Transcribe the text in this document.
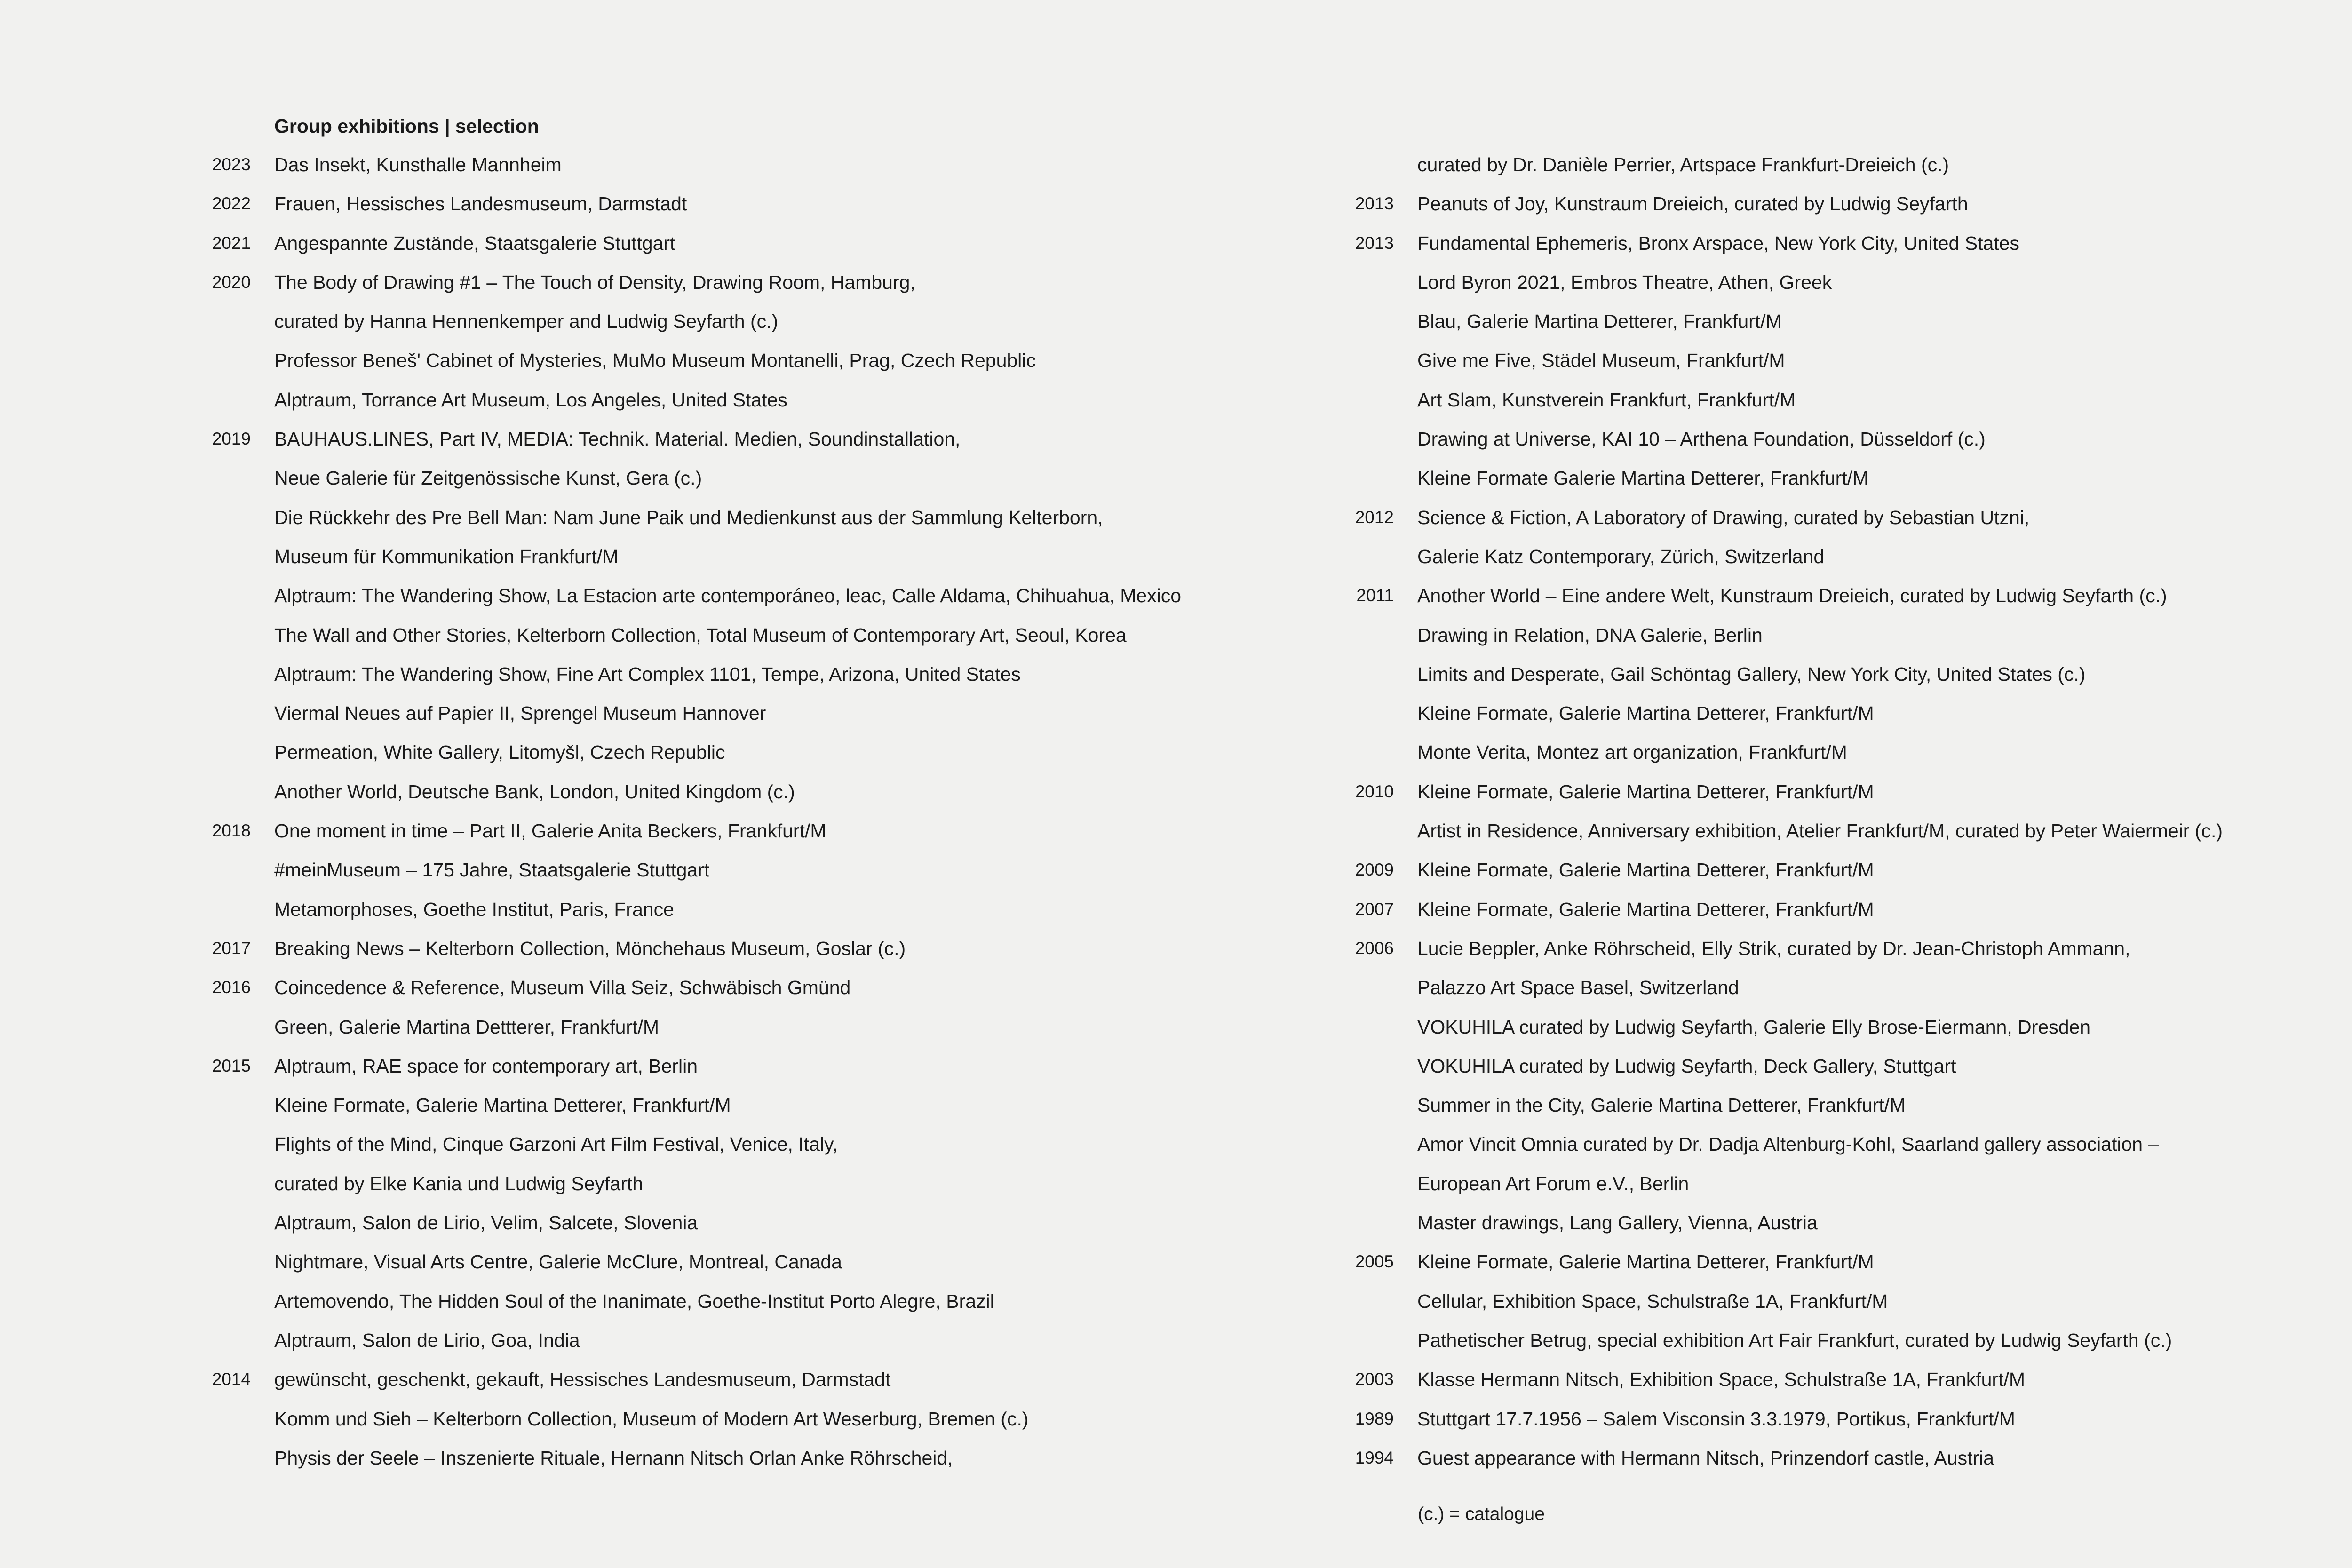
Group exhibitions | selection
2023 Das Insekt, Kunsthalle Mannheim
2022 Frauen, Hessisches Landesmuseum, Darmstadt
2021 Angespannte Zustände, Staatsgalerie Stuttgart
2020 The Body of Drawing #1 – The Touch of Density, Drawing Room, Hamburg,
curated by Hanna Hennenkemper and Ludwig Seyfarth (c.)
Professor Beneš' Cabinet of Mysteries, MuMo Museum Montanelli, Prag, Czech Republic
Alptraum, Torrance Art Museum, Los Angeles, United States
2019 BAUHAUS.LINES, Part IV, MEDIA: Technik. Material. Medien, Soundinstallation,
Neue Galerie für Zeitgenössische Kunst, Gera (c.)
Die Rückkehr des Pre Bell Man: Nam June Paik und Medienkunst aus der Sammlung Kelterborn,
Museum für Kommunikation Frankfurt/M
Alptraum: The Wandering Show, La Estacion arte contemporáneo, leac, Calle Aldama, Chihuahua, Mexico
The Wall and Other Stories, Kelterborn Collection, Total Museum of Contemporary Art, Seoul, Korea
Alptraum: The Wandering Show, Fine Art Complex 1101, Tempe, Arizona, United States
Viermal Neues auf Papier II, Sprengel Museum Hannover
Permeation, White Gallery, Litomyšl, Czech Republic
Another World, Deutsche Bank, London, United Kingdom (c.)
2018 One moment in time – Part II, Galerie Anita Beckers, Frankfurt/M
#meinMuseum – 175 Jahre, Staatsgalerie Stuttgart
Metamorphoses, Goethe Institut, Paris, France
2017 Breaking News – Kelterborn Collection, Mönchehaus Museum, Goslar (c.)
2016 Coincedence & Reference, Museum Villa Seiz, Schwäbisch Gmünd
Green, Galerie Martina Dettterer, Frankfurt/M
2015 Alptraum, RAE space for contemporary art, Berlin
Kleine Formate, Galerie Martina Detterer, Frankfurt/M
Flights of the Mind, Cinque Garzoni Art Film Festival, Venice, Italy,
curated by Elke Kania und Ludwig Seyfarth
Alptraum, Salon de Lirio, Velim, Salcete, Slovenia
Nightmare, Visual Arts Centre, Galerie McClure, Montreal, Canada
Artemovendo, The Hidden Soul of the Inanimate, Goethe-Institut Porto Alegre, Brazil
Alptraum, Salon de Lirio, Goa, India
2014 gewünscht, geschenkt, gekauft, Hessisches Landesmuseum, Darmstadt
Komm und Sieh – Kelterborn Collection, Museum of Modern Art Weserburg, Bremen (c.)
Physis der Seele – Inszenierte Rituale, Hernann Nitsch Orlan Anke Röhrscheid,
curated by Dr. Danièle Perrier, Artspace Frankfurt-Dreieich (c.)
2013 Peanuts of Joy, Kunstraum Dreieich, curated by Ludwig Seyfarth
2013 Fundamental Ephemeris, Bronx Arspace, New York City, United States
Lord Byron 2021, Embros Theatre, Athen, Greek
Blau, Galerie Martina Detterer, Frankfurt/M
Give me Five, Städel Museum, Frankfurt/M
Art Slam, Kunstverein Frankfurt, Frankfurt/M
Drawing at Universe, KAI 10 – Arthena Foundation, Düsseldorf (c.)
Kleine Formate Galerie Martina Detterer, Frankfurt/M
2012 Science & Fiction, A Laboratory of Drawing, curated by Sebastian Utzni,
Galerie Katz Contemporary, Zürich, Switzerland
2011 Another World – Eine andere Welt, Kunstraum Dreieich, curated by Ludwig Seyfarth (c.)
Drawing in Relation, DNA Galerie, Berlin
Limits and Desperate, Gail Schöntag Gallery, New York City, United States (c.)
Kleine Formate, Galerie Martina Detterer, Frankfurt/M
Monte Verita, Montez art organization, Frankfurt/M
2010 Kleine Formate, Galerie Martina Detterer, Frankfurt/M
Artist in Residence, Anniversary exhibition, Atelier Frankfurt/M, curated by Peter Waiermeir (c.)
2009 Kleine Formate, Galerie Martina Detterer, Frankfurt/M
2007 Kleine Formate, Galerie Martina Detterer, Frankfurt/M
2006 Lucie Beppler, Anke Röhrscheid, Elly Strik, curated by Dr. Jean-Christoph Ammann,
Palazzo Art Space Basel, Switzerland
VOKUHILA curated by Ludwig Seyfarth, Galerie Elly Brose-Eiermann, Dresden
VOKUHILA curated by Ludwig Seyfarth, Deck Gallery, Stuttgart
Summer in the City, Galerie Martina Detterer, Frankfurt/M
Amor Vincit Omnia curated by Dr. Dadja Altenburg-Kohl, Saarland gallery association –
European Art Forum e.V., Berlin
Master drawings, Lang Gallery, Vienna, Austria
2005 Kleine Formate, Galerie Martina Detterer, Frankfurt/M
Cellular, Exhibition Space, Schulstraße 1A, Frankfurt/M
Pathetischer Betrug, special exhibition Art Fair Frankfurt, curated by Ludwig Seyfarth (c.)
2003 Klasse Hermann Nitsch, Exhibition Space, Schulstraße 1A, Frankfurt/M
1989 Stuttgart 17.7.1956 – Salem Visconsin 3.3.1979, Portikus, Frankfurt/M
1994 Guest appearance with Hermann Nitsch, Prinzendorf castle, Austria
(c.) = catalogue
